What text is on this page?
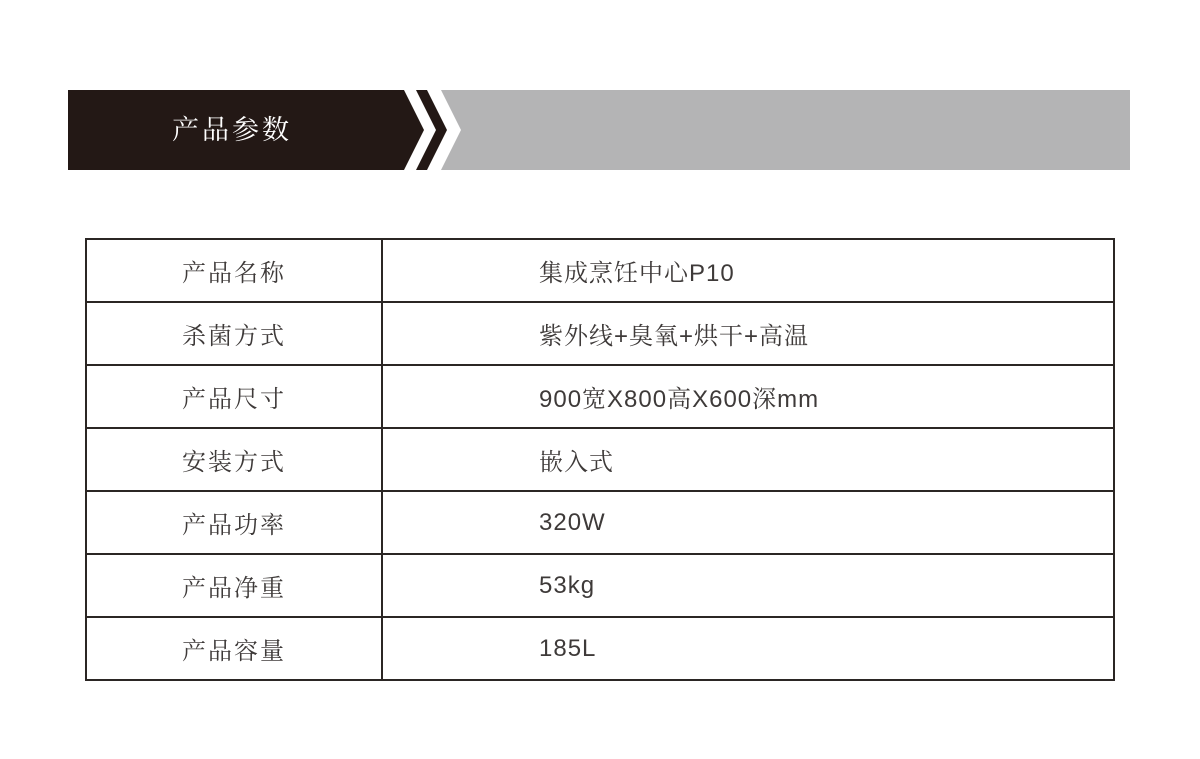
产品参数
产品名称	集成烹饪中心P10
杀菌方式	紫外线+臭氧+烘干+高温
产品尺寸	900宽X800高X600深mm
安装方式	嵌入式
产品功率	320W
产品净重	53kg
产品容量	185L
